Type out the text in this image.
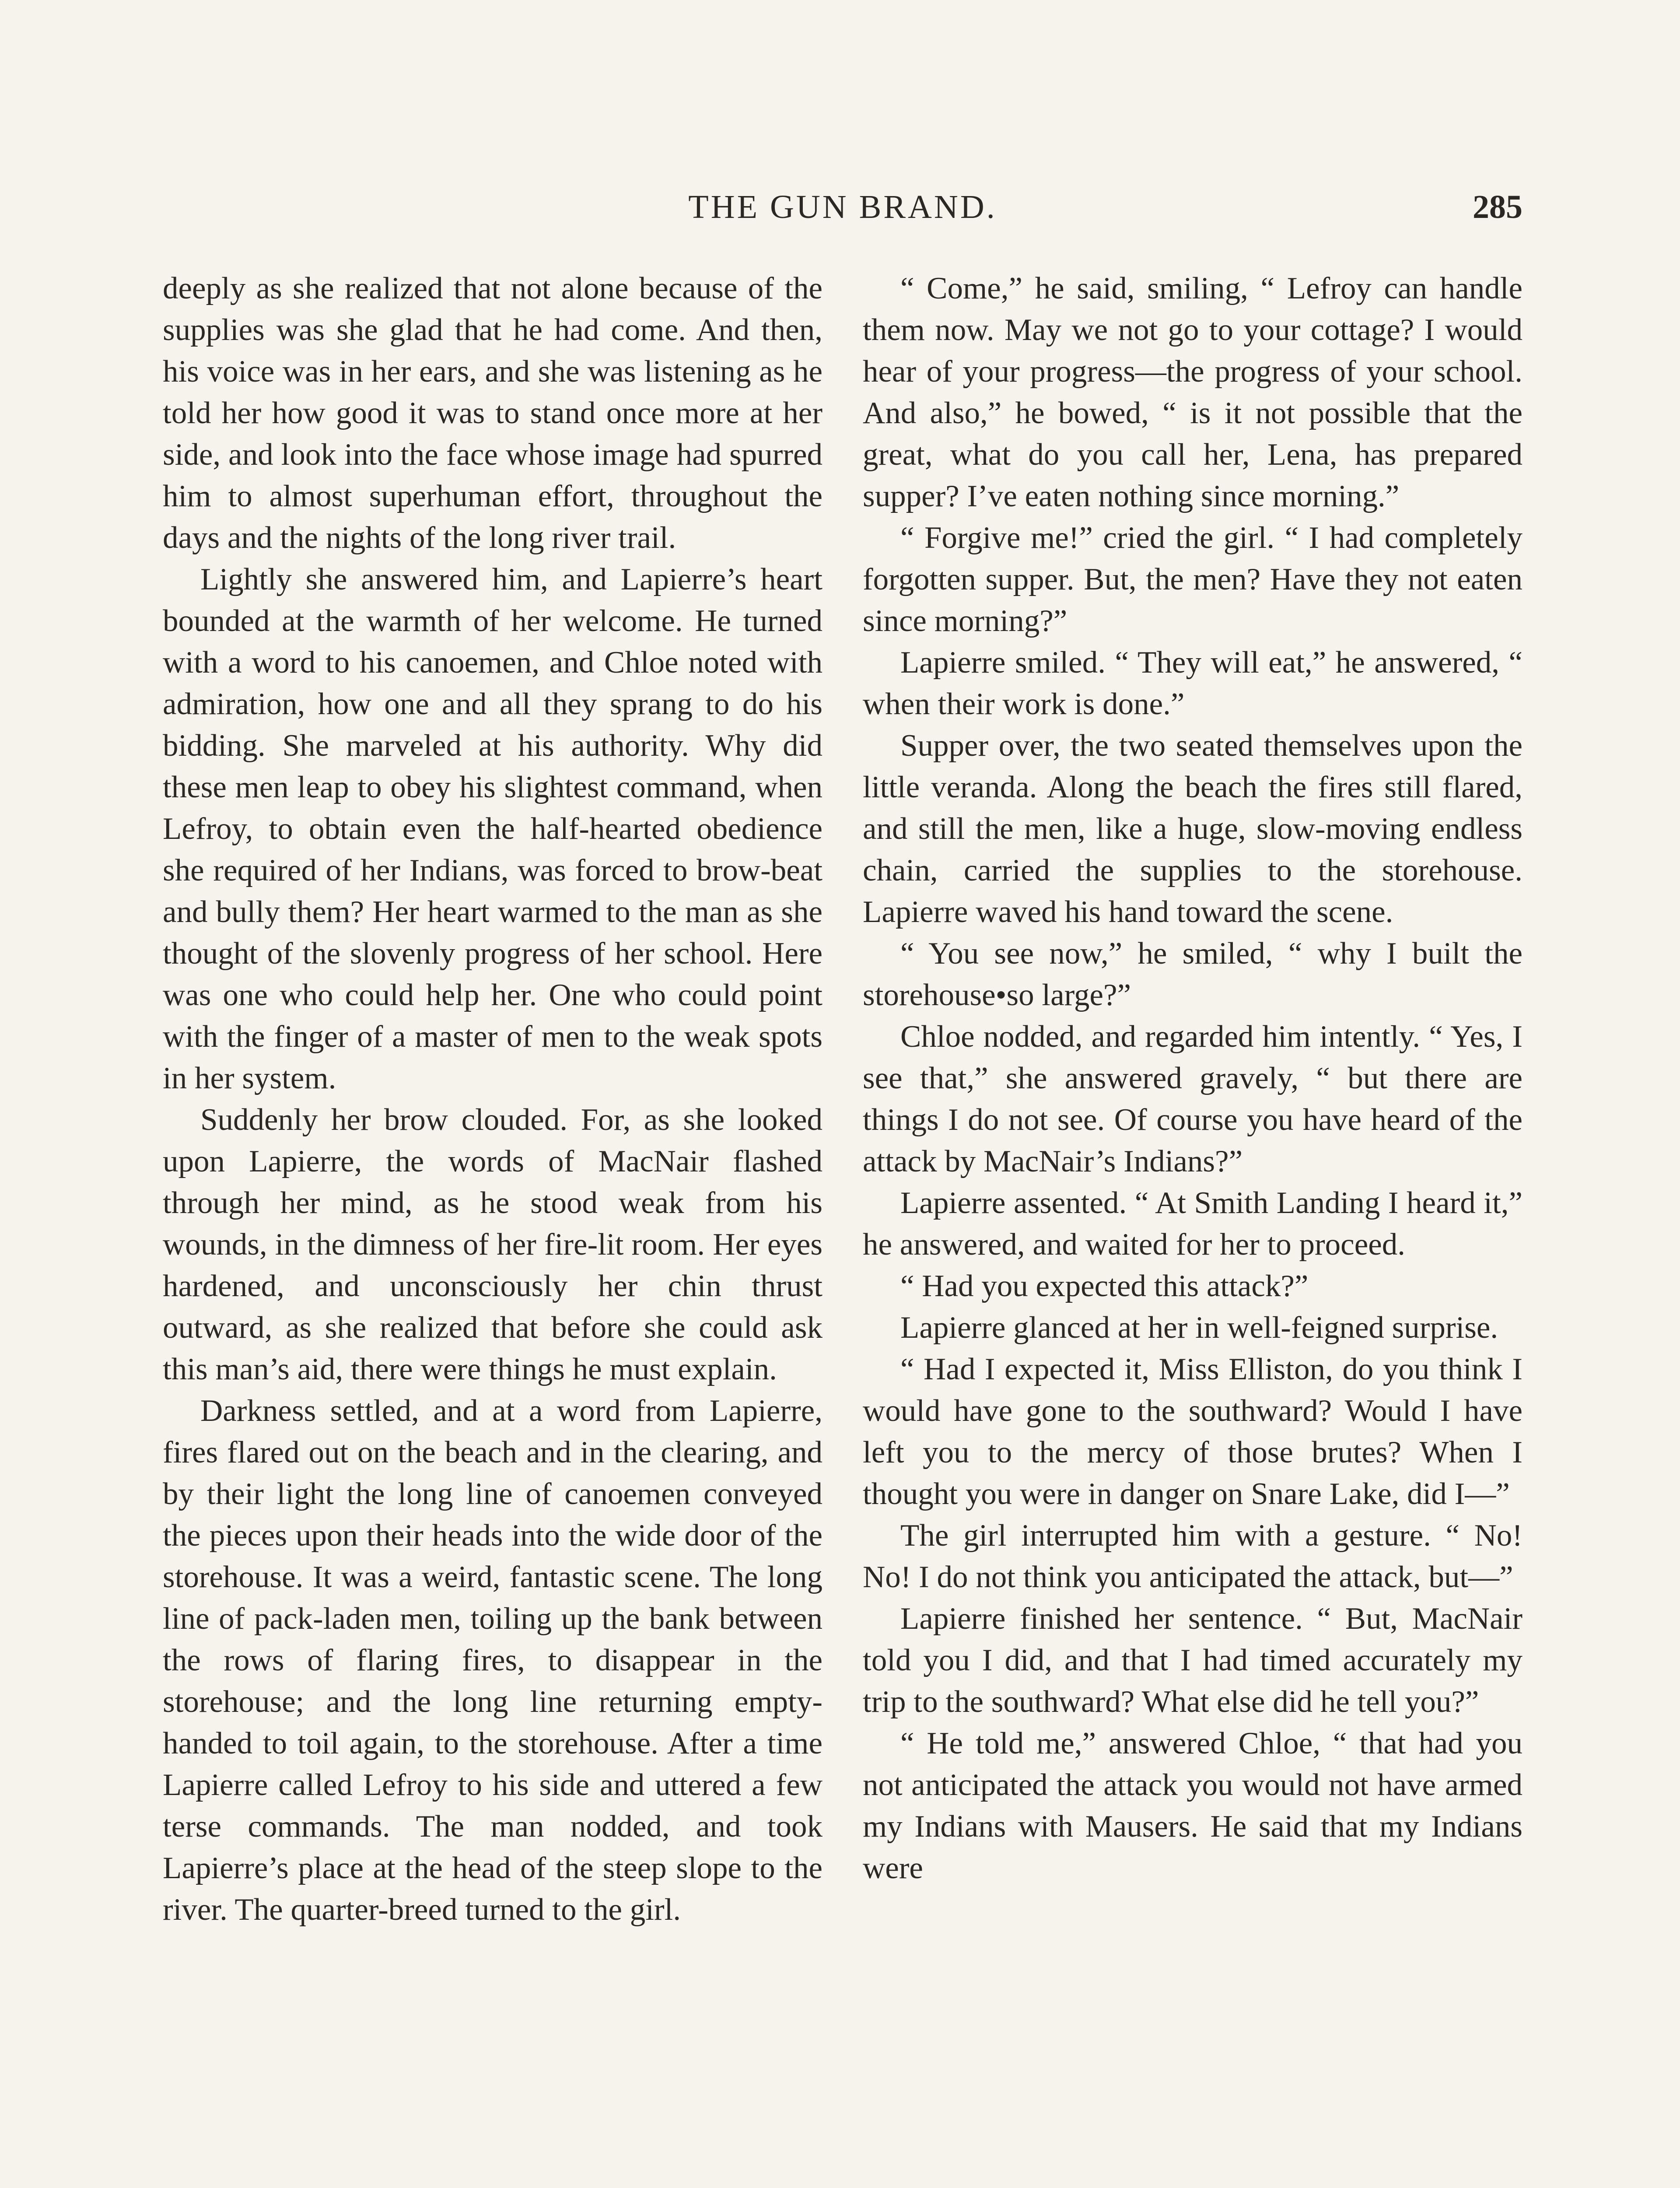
THE GUN BRAND.	285

deeply as she realized that not alone because of the supplies was she glad that he had come. And then, his voice was in her ears, and she was listening as he told her how good it was to stand once more at her side, and look into the face whose image had spurred him to almost superhuman effort, throughout the days and the nights of the long river trail.

Lightly she answered him, and Lapierre’s heart bounded at the warmth of her welcome. He turned with a word to his canoemen, and Chloe noted with admiration, how one and all they sprang to do his bidding. She marveled at his authority. Why did these men leap to obey his slightest command, when Lefroy, to obtain even the half-hearted obedience she required of her Indians, was forced to brow-beat and bully them? Her heart warmed to the man as she thought of the slovenly progress of her school. Here was one who could help her. One who could point with the finger of a master of men to the weak spots in her system.

Suddenly her brow clouded. For, as she looked upon Lapierre, the words of MacNair flashed through her mind, as he stood weak from his wounds, in the dimness of her fire-lit room. Her eyes hardened, and unconsciously her chin thrust outward, as she realized that before she could ask this man’s aid, there were things he must explain.

Darkness settled, and at a word from Lapierre, fires flared out on the beach and in the clearing, and by their light the long line of canoemen conveyed the pieces upon their heads into the wide door of the storehouse. It was a weird, fantastic scene. The long line of pack-laden men, toiling up the bank between the rows of flaring fires, to disappear in the storehouse; and the long line returning empty-handed to toil again, to the storehouse. After a time Lapierre called Lefroy to his side and uttered a few terse commands. The man nodded, and took Lapierre’s place at the head of the steep slope to the river. The quarter-breed turned to the girl.

“ Come,” he said, smiling, “ Lefroy can handle them now. May we not go to your cottage? I would hear of your progress—the progress of your school. And also,” he bowed, “ is it not possible that the great, what do you call her, Lena, has prepared supper? I’ve eaten nothing since morning.”

“ Forgive me!” cried the girl. “ I had completely forgotten supper. But, the men? Have they not eaten since morning?”

Lapierre smiled. “ They will eat,” he answered, “ when their work is done.”

Supper over, the two seated themselves upon the little veranda. Along the beach the fires still flared, and still the men, like a huge, slow-moving endless chain, carried the supplies to the storehouse. Lapierre waved his hand toward the scene.

“ You see now,” he smiled, “ why I built the storehouse•so large?”

Chloe nodded, and regarded him intently. “ Yes, I see that,” she answered gravely, “ but there are things I do not see. Of course you have heard of the attack by MacNair’s Indians?”

Lapierre assented. “ At Smith Landing I heard it,” he answered, and waited for her to proceed.

“ Had you expected this attack?”

Lapierre glanced at her in well-feigned surprise.

“ Had I expected it, Miss Elliston, do you think I would have gone to the southward? Would I have left you to the mercy of those brutes? When I thought you were in danger on Snare Lake, did I—”

The girl interrupted him with a gesture. “ No! No! I do not think you anticipated the attack, but—”

Lapierre finished her sentence. “ But, MacNair told you I did, and that I had timed accurately my trip to the southward? What else did he tell you?”

“ He told me,” answered Chloe, “ that had you not anticipated the attack you would not have armed my Indians with Mausers. He said that my Indians were
